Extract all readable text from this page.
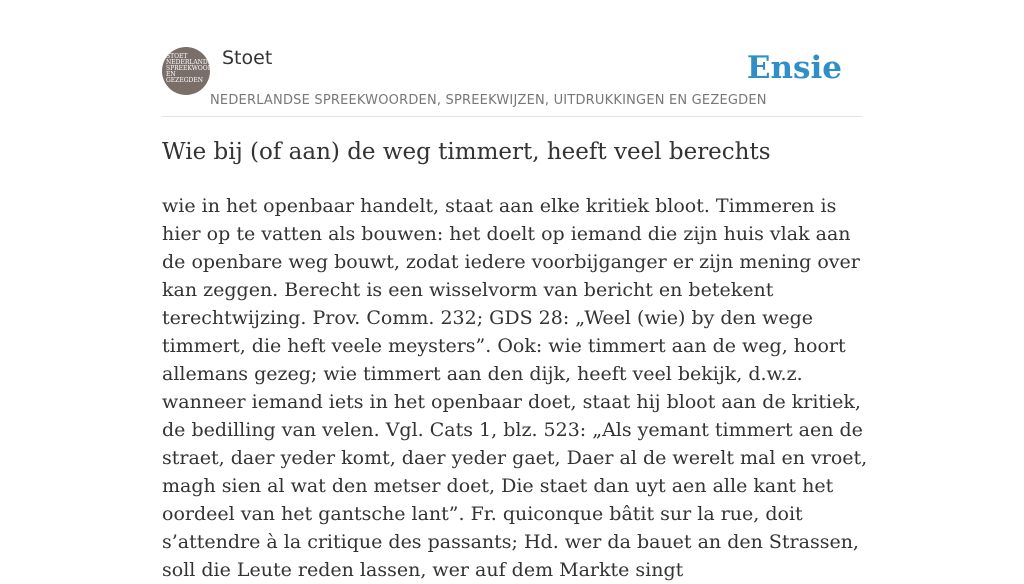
STOET NEDERLANDSE SPREEKWOORDEN EN GEZEGDEN
Stoet
NEDERLANDSE SPREEKWOORDEN, SPREEKWIJZEN, UITDRUKKINGEN EN GEZEGDEN
Ensie
Wie bij (of aan) de weg timmert, heeft veel berechts

wie in het openbaar handelt, staat aan elke kritiek bloot. Timmeren is hier op te vatten als bouwen: het doelt op iemand die zijn huis vlak aan de openbare weg bouwt, zodat iedere voorbijganger er zijn mening over kan zeggen. Berecht is een wisselvorm van bericht en betekent terechtwijzing. Prov. Comm. 232; GDS 28: „Weel (wie) by den wege timmert, die heft veele meysters”. Ook: wie timmert aan de weg, hoort allemans gezeg; wie timmert aan den dijk, heeft veel bekijk, d.w.z. wanneer iemand iets in het openbaar doet, staat hij bloot aan de kritiek, de bedilling van velen. Vgl. Cats 1, blz. 523: „Als yemant timmert aen de straet, daer yeder komt, daer yeder gaet, Daer al de werelt mal en vroet, magh sien al wat den metser doet, Die staet dan uyt aen alle kant het oordeel van het gantsche lant”. Fr. quiconque bâtit sur la rue, doit s’attendre à la critique des passants; Hd. wer da bauet an den Strassen, soll die Leute reden lassen, wer auf dem Markte singt
